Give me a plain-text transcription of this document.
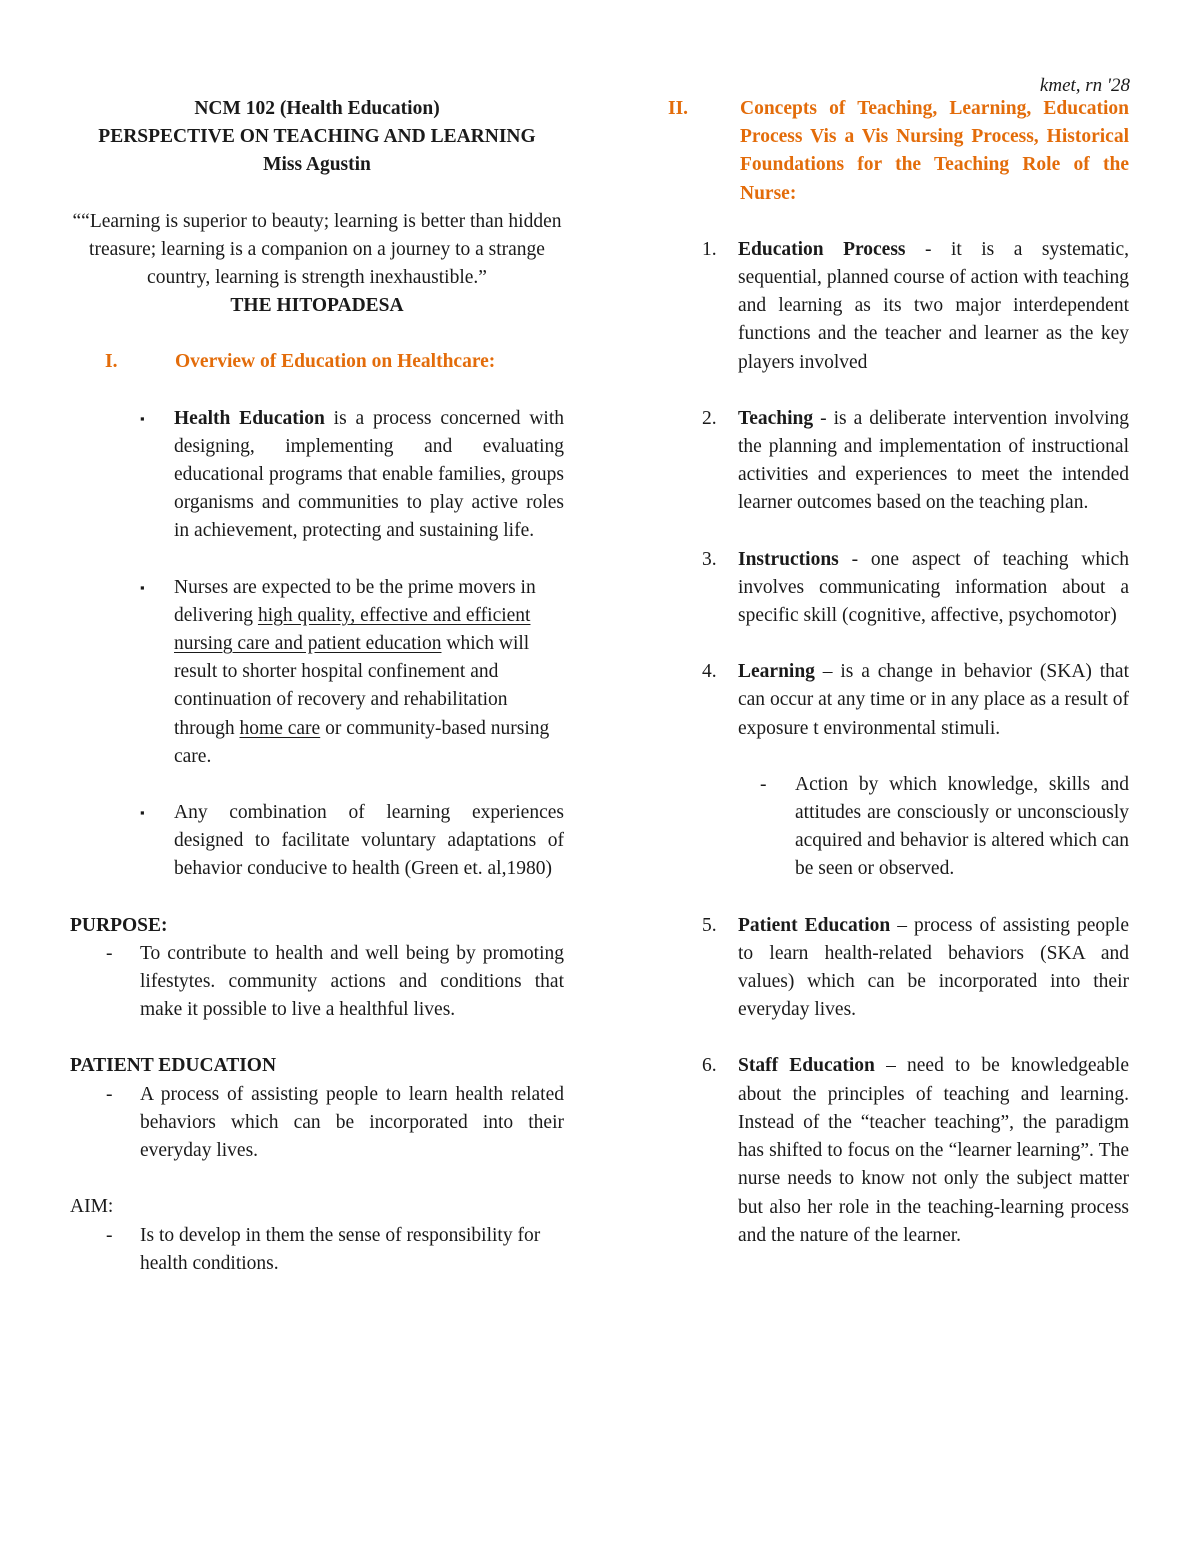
kmet, rn '28
NCM 102 (Health Education)
PERSPECTIVE ON TEACHING AND LEARNING
Miss Agustin
““Learning is superior to beauty; learning is better than hidden treasure; learning is a companion on a journey to a strange country, learning is strength inexhaustible.”
THE HITOPADESA
I.	Overview of Education on Healthcare:
▪	Health Education is a process concerned with designing, implementing and evaluating educational programs that enable families, groups organisms and communities to play active roles in achievement, protecting and sustaining life.
▪	Nurses are expected to be the prime movers in delivering high quality, effective and efficient nursing care and patient education which will result to shorter hospital confinement and continuation of recovery and rehabilitation through home care or community-based nursing care.
▪	Any combination of learning experiences designed to facilitate voluntary adaptations of behavior conducive to health (Green et. al,1980)
PURPOSE:
-	To contribute to health and well being by promoting lifestytes. community actions and conditions that make it possible to live a healthful lives.
PATIENT EDUCATION
-	A process of assisting people to learn health related behaviors which can be incorporated into their everyday lives.
AIM:
-	Is to develop in them the sense of responsibility for health conditions.
II.	Concepts of Teaching, Learning, Education Process Vis a Vis Nursing Process, Historical Foundations for the Teaching Role of the Nurse:
1.	Education Process - it is a systematic, sequential, planned course of action with teaching and learning as its two major interdependent functions and the teacher and learner as the key players involved
2.	Teaching - is a deliberate intervention involving the planning and implementation of instructional activities and experiences to meet the intended learner outcomes based on the teaching plan.
3.	Instructions - one aspect of teaching which involves communicating information about a specific skill (cognitive, affective, psychomotor)
4.	Learning – is a change in behavior (SKA) that can occur at any time or in any place as a result of exposure t environmental stimuli.
-	Action by which knowledge, skills and attitudes are consciously or unconsciously acquired and behavior is altered which can be seen or observed.
5.	Patient Education – process of assisting people to learn health-related behaviors (SKA and values) which can be incorporated into their everyday lives.
6.	Staff Education – need to be knowledgeable about the principles of teaching and learning. Instead of the “teacher teaching”, the paradigm has shifted to focus on the “learner learning”. The nurse needs to know not only the subject matter but also her role in the teaching-learning process and the nature of the learner.
